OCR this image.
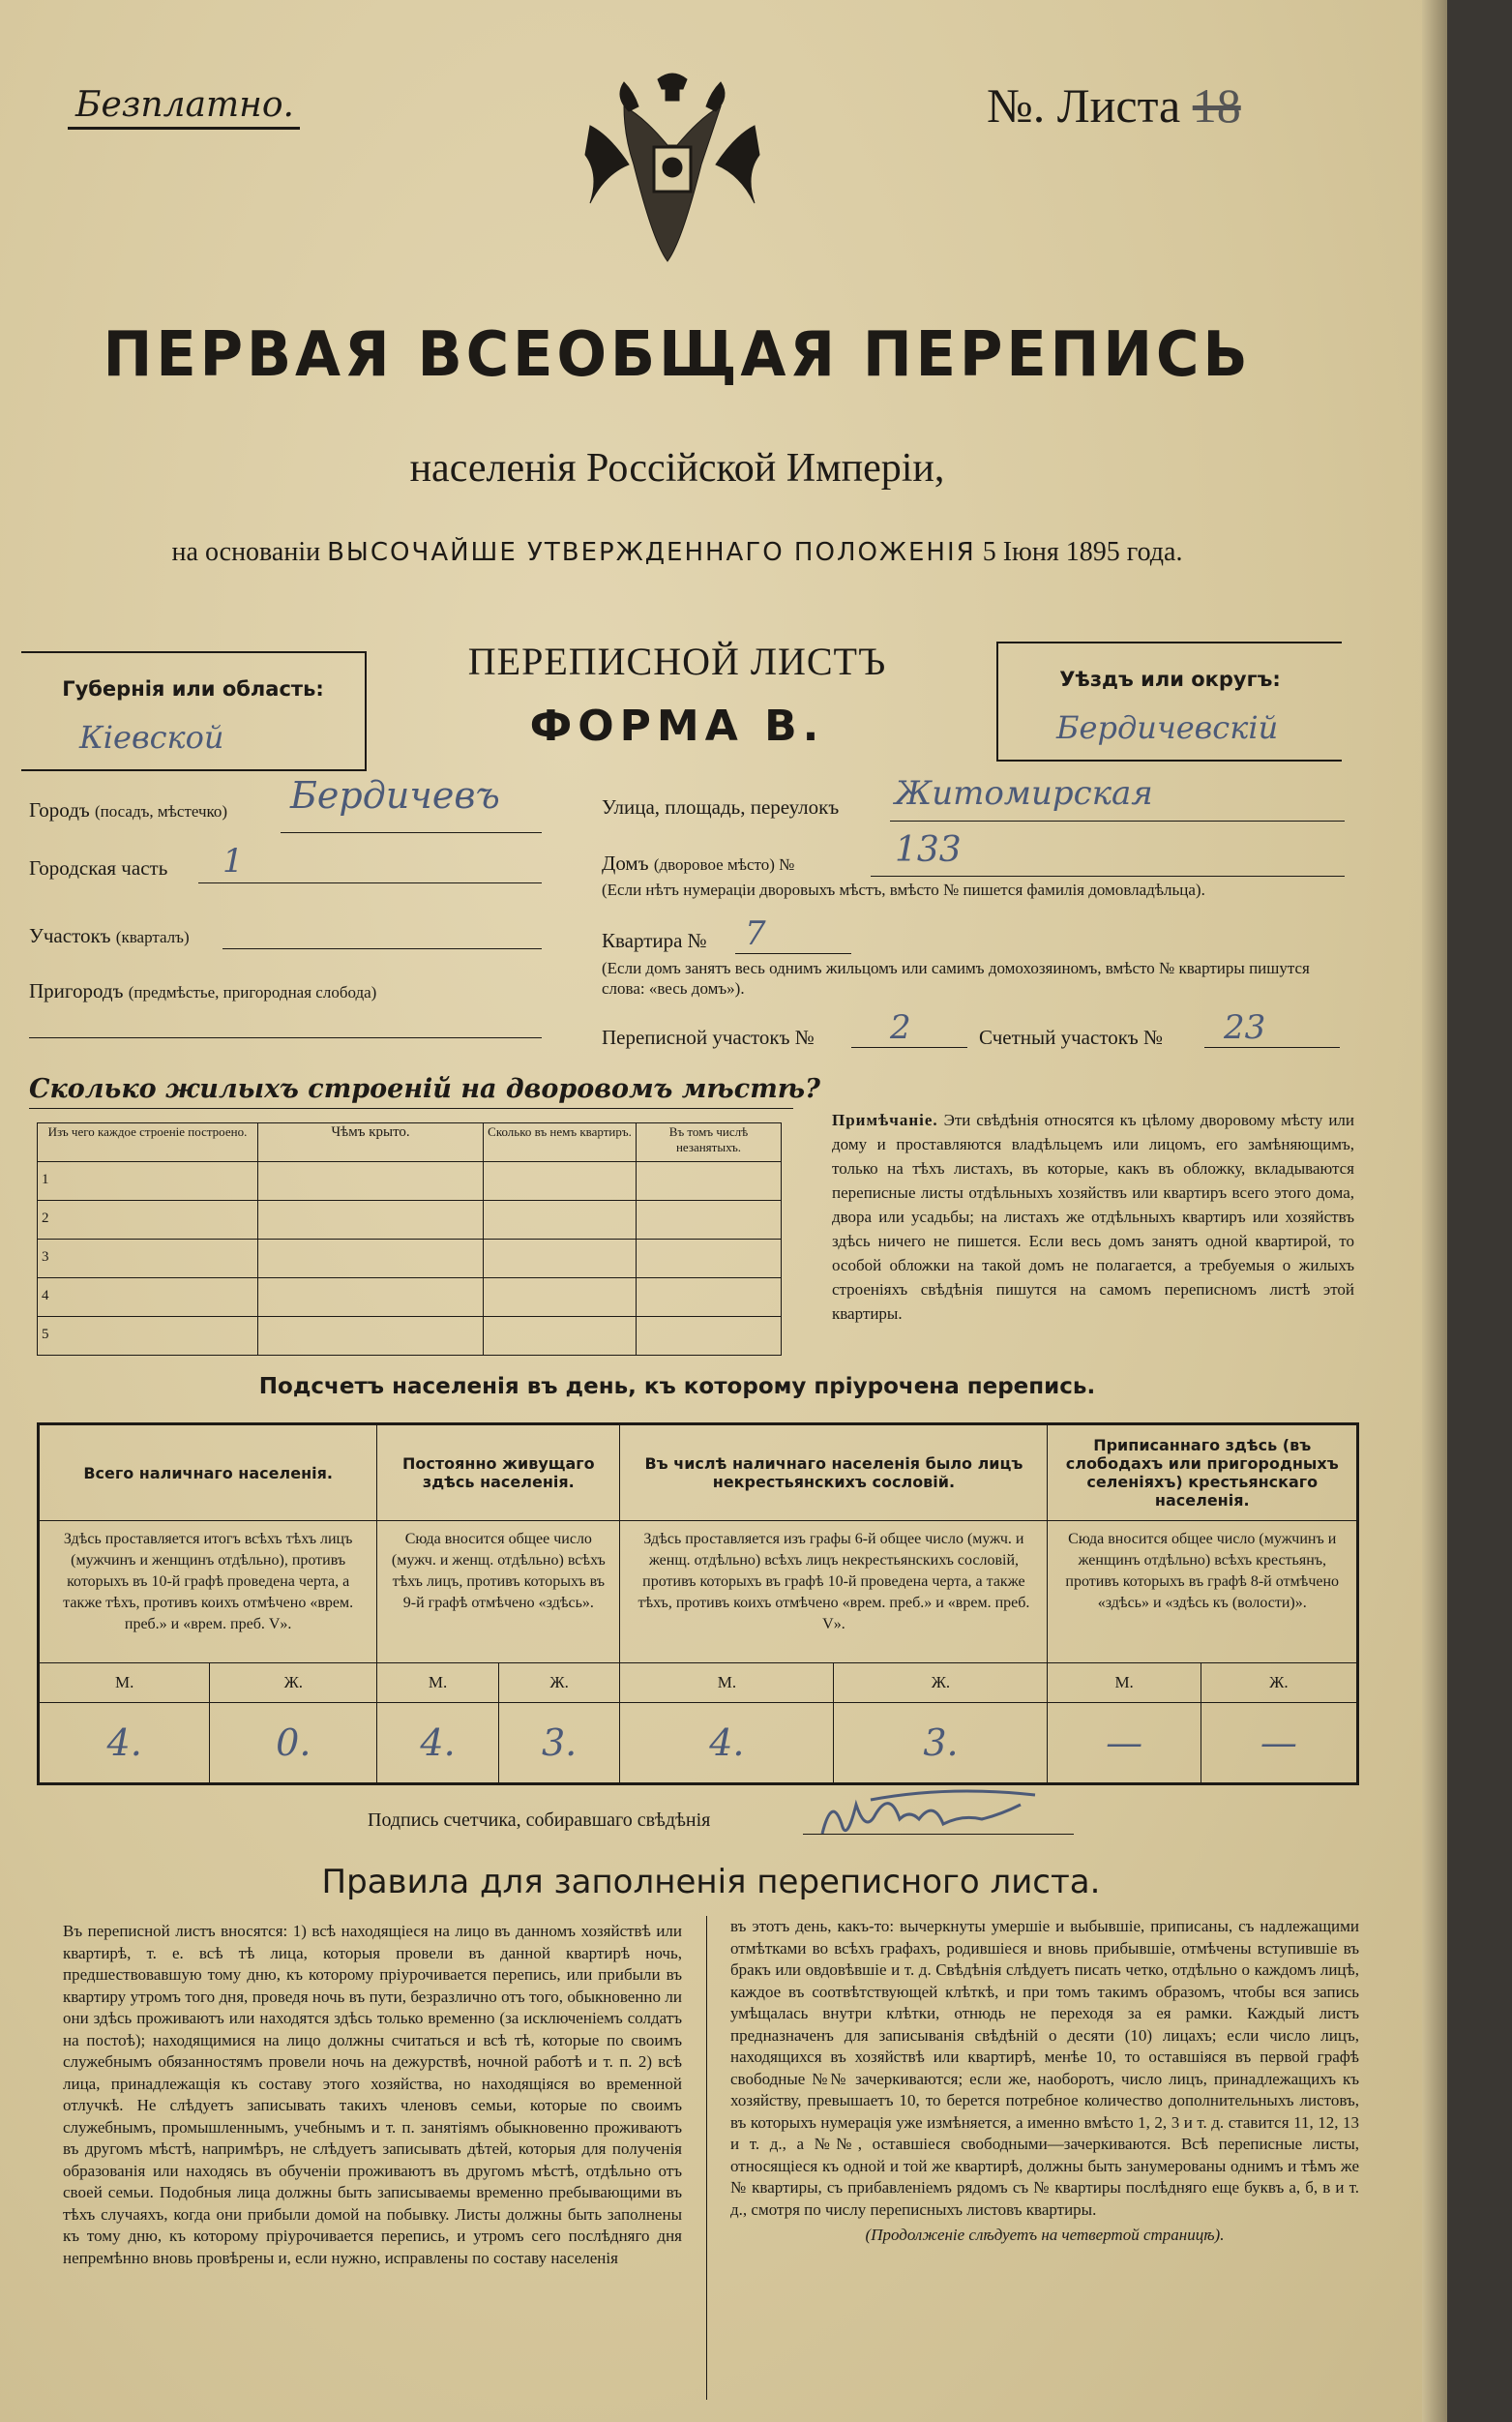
Безплатно.	№. Листа 18
ПЕРВАЯ ВСЕОБЩАЯ ПЕРЕПИСЬ
населенія Россійской Имперіи,
на основаніи ВЫСОЧАЙШЕ УТВЕРЖДЕННАГО ПОЛОЖЕНІЯ 5 Іюня 1895 года.
Губернія или область:
Кіевской
ПЕРЕПИСНОЙ ЛИСТЪ
ФОРМА В.
Уѣздъ или округъ:
Бердичевскій
Городъ (посадъ, мѣстечко) Бердичевъ
Городская часть 1
Участокъ (кварталъ)
Пригородъ (предмѣстье, пригородная слобода)
Улица, площадь, переулокъ Житомирская
Домъ (дворовое мѣсто) №	133
(Если нѣтъ нумераціи дворовыхъ мѣстъ, вмѣсто № пишется фамилія домовладѣльца).
Квартира № 7
(Если домъ занятъ весь однимъ жильцомъ или самимъ домохозяиномъ, вмѣсто № квартиры пишутся слова: «весь домъ»).
Переписной участокъ № 2	Счетный участокъ № 23
Сколько жилыхъ строеній на дворовомъ мѣстѣ?
Изъ чего каждое строеніе построено.	Чѣмъ крыто.	Сколько въ немъ квартиръ.	Въ томъ числѣ незанятыхъ.
1			
2			
3			
4			
5			
Примѣчаніе. Эти свѣдѣнія относятся къ цѣлому дворовому мѣсту или дому и проставляются владѣльцемъ или лицомъ, его замѣняющимъ, только на тѣхъ листахъ, въ которые, какъ въ обложку, вкладываются переписные листы отдѣльныхъ хозяйствъ или квартиръ всего этого дома, двора или усадьбы; на листахъ же отдѣльныхъ квартиръ или хозяйствъ здѣсь ничего не пишется. Если весь домъ занятъ одной квартирой, то особой обложки на такой домъ не полагается, а требуемыя о жилыхъ строеніяхъ свѣдѣнія пишутся на самомъ переписномъ листѣ этой квартиры.
Подсчетъ населенія въ день, къ которому пріурочена перепись.
Всего наличнаго населенія.		Постоянно живущаго здѣсь населенія.		Въ числѣ наличнаго населенія было лицъ некрестьянскихъ сословій.		Приписаннаго здѣсь (въ слободахъ или пригородныхъ селеніяхъ) крестьянскаго населенія.	
Здѣсь проставляется итогъ всѣхъ тѣхъ лицъ (мужчинъ и женщинъ отдѣльно), противъ которыхъ въ 10-й графѣ проведена черта, а также тѣхъ, противъ коихъ отмѣчено «врем. преб.» и «врем. преб. V».		Сюда вносится общее число (мужч. и женщ. отдѣльно) всѣхъ тѣхъ лицъ, противъ которыхъ въ 9-й графѣ отмѣчено «здѣсь».		Здѣсь проставляется изъ графы 6-й общее число (мужч. и женщ. отдѣльно) всѣхъ лицъ некрестьянскихъ сословій, противъ которыхъ въ графѣ 10-й проведена черта, а также тѣхъ, противъ коихъ отмѣчено «врем. преб.» и «врем. преб. V».		Сюда вносится общее число (мужчинъ и женщинъ отдѣльно) всѣхъ крестьянъ, противъ которыхъ въ графѣ 8-й отмѣчено «здѣсь» и «здѣсь къ (волости)».	
М.	Ж.	М.	Ж.	М.	Ж.	М.	Ж.
4.	0.	4.	3.	4.	3.	—	—
Подпись счетчика, собиравшаго свѣдѣнія
Правила для заполненія переписного листа.
Въ переписной листъ вносятся: 1) всѣ находящіеся на лицо въ данномъ хозяйствѣ или квартирѣ, т. е. всѣ тѣ лица, которыя провели въ данной квартирѣ ночь, предшествовавшую тому дню, къ которому пріурочивается перепись, или прибыли въ квартиру утромъ того дня, проведя ночь въ пути, безразлично отъ того, обыкновенно ли они здѣсь проживаютъ или находятся здѣсь только временно (за исключеніемъ солдатъ на постоѣ); находящимися на лицо должны считаться и всѣ тѣ, которые по своимъ служебнымъ обязанностямъ провели ночь на дежурствѣ, ночной работѣ и т. п. 2) всѣ лица, принадлежащія къ составу этого хозяйства, но находящіяся во временной отлучкѣ. Не слѣдуетъ записывать такихъ членовъ семьи, которые по своимъ служебнымъ, промышленнымъ, учебнымъ и т. п. занятіямъ обыкновенно проживаютъ въ другомъ мѣстѣ, напримѣръ, не слѣдуетъ записывать дѣтей, которыя для полученія образованія или находясь въ обученіи проживаютъ въ другомъ мѣстѣ, отдѣльно отъ своей семьи. Подобныя лица должны быть записываемы временно пребывающими въ тѣхъ случаяхъ, когда они прибыли домой на побывку. Листы должны быть заполнены къ тому дню, къ которому пріурочивается перепись, и утромъ сего послѣдняго дня непремѣнно вновь провѣрены и, если нужно, исправлены по составу населенія
въ этотъ день, какъ-то: вычеркнуты умершіе и выбывшіе, приписаны, съ надлежащими отмѣтками во всѣхъ графахъ, родившіеся и вновь прибывшіе, отмѣчены вступившіе въ бракъ или овдовѣвшіе и т. д. Свѣдѣнія слѣдуетъ писать четко, отдѣльно о каждомъ лицѣ, каждое въ соотвѣтствующей клѣткѣ, и при томъ такимъ образомъ, чтобы вся запись умѣщалась внутри клѣтки, отнюдь не переходя за ея рамки. Каждый листъ предназначенъ для записыванія свѣдѣній о десяти (10) лицахъ; если число лицъ, находящихся въ хозяйствѣ или квартирѣ, менѣе 10, то оставшіяся въ первой графѣ свободные №№ зачеркиваются; если же, наоборотъ, число лицъ, принадлежащихъ къ хозяйству, превышаетъ 10, то берется потребное количество дополнительныхъ листовъ, въ которыхъ нумерація уже измѣняется, а именно вмѣсто 1, 2, 3 и т. д. ставится 11, 12, 13 и т. д., а №№, оставшіеся свободными—зачеркиваются. Всѣ переписные листы, относящіеся къ одной и той же квартирѣ, должны быть занумерованы однимъ и тѣмъ же № квартиры, съ прибавленіемъ рядомъ съ № квартиры послѣдняго еще буквъ а, б, в и т. д., смотря по числу переписныхъ листовъ квартиры.
(Продолженіе слѣдуетъ на четвертой страницѣ).
